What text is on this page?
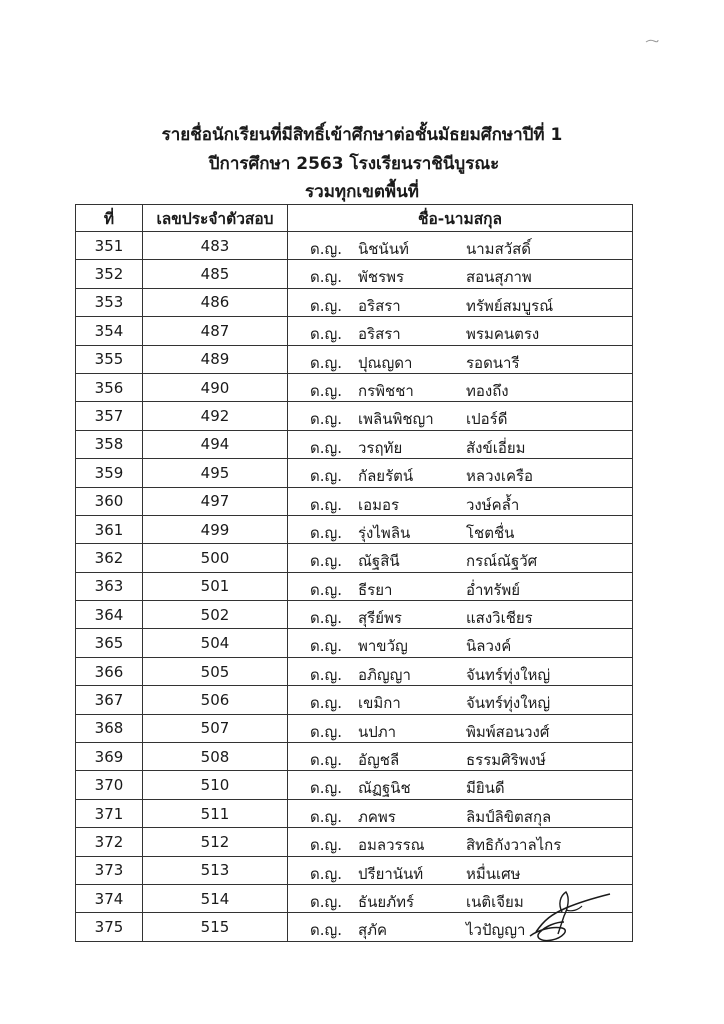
รายชื่อนักเรียนที่มีสิทธิ์เข้าศึกษาต่อชั้นมัธยมศึกษาปีที่ 1
ปีการศึกษา 2563 โรงเรียนราชินีบูรณะ
รวมทุกเขตพื้นที่
ที่	เลขประจำตัวสอบ	ชื่อ-นามสกุล
351	483	ด.ญ. นิชนันท์ นามสวัสดิ์

352	485	ด.ญ. พัชรพร สอนสุภาพ

353	486	ด.ญ. อริสรา ทรัพย์สมบูรณ์

354	487	ด.ญ. อริสรา พรมคนตรง

355	489	ด.ญ. ปุณญดา รอดนารี

356	490	ด.ญ. กรพิชชา ทองถึง

357	492	ด.ญ. เพลินพิชญา เปอร์ดี

358	494	ด.ญ. วรฤทัย สังข์เอี่ยม

359	495	ด.ญ. กัลยรัตน์ หลวงเครือ

360	497	ด.ญ. เอมอร วงษ์คล้ำ

361	499	ด.ญ. รุ่งไพลิน โชตชื่น

362	500	ด.ญ. ณัฐสินี กรณ์ณัฐวัศ

363	501	ด.ญ. ธีรยา อ่ำทรัพย์

364	502	ด.ญ. สุรีย์พร แสงวิเชียร

365	504	ด.ญ. พาขวัญ นิลวงค์

366	505	ด.ญ. อภิญญา จันทร์ทุ่งใหญ่

367	506	ด.ญ. เขมิกา จันทร์ทุ่งใหญ่

368	507	ด.ญ. นปภา พิมพ์สอนวงศ์

369	508	ด.ญ. อัญชลี ธรรมศิริพงษ์

370	510	ด.ญ. ณัฏฐนิช มียินดี

371	511	ด.ญ. ภคพร ลิมป์ลิขิตสกุล

372	512	ด.ญ. อมลวรรณ สิทธิกังวาลไกร

373	513	ด.ญ. ปรียานันท์ หมื่นเศษ

374	514	ด.ญ. ธันยภัทร์ เนติเจียม

375	515	ด.ญ. สุภัค ไวปัญญา
